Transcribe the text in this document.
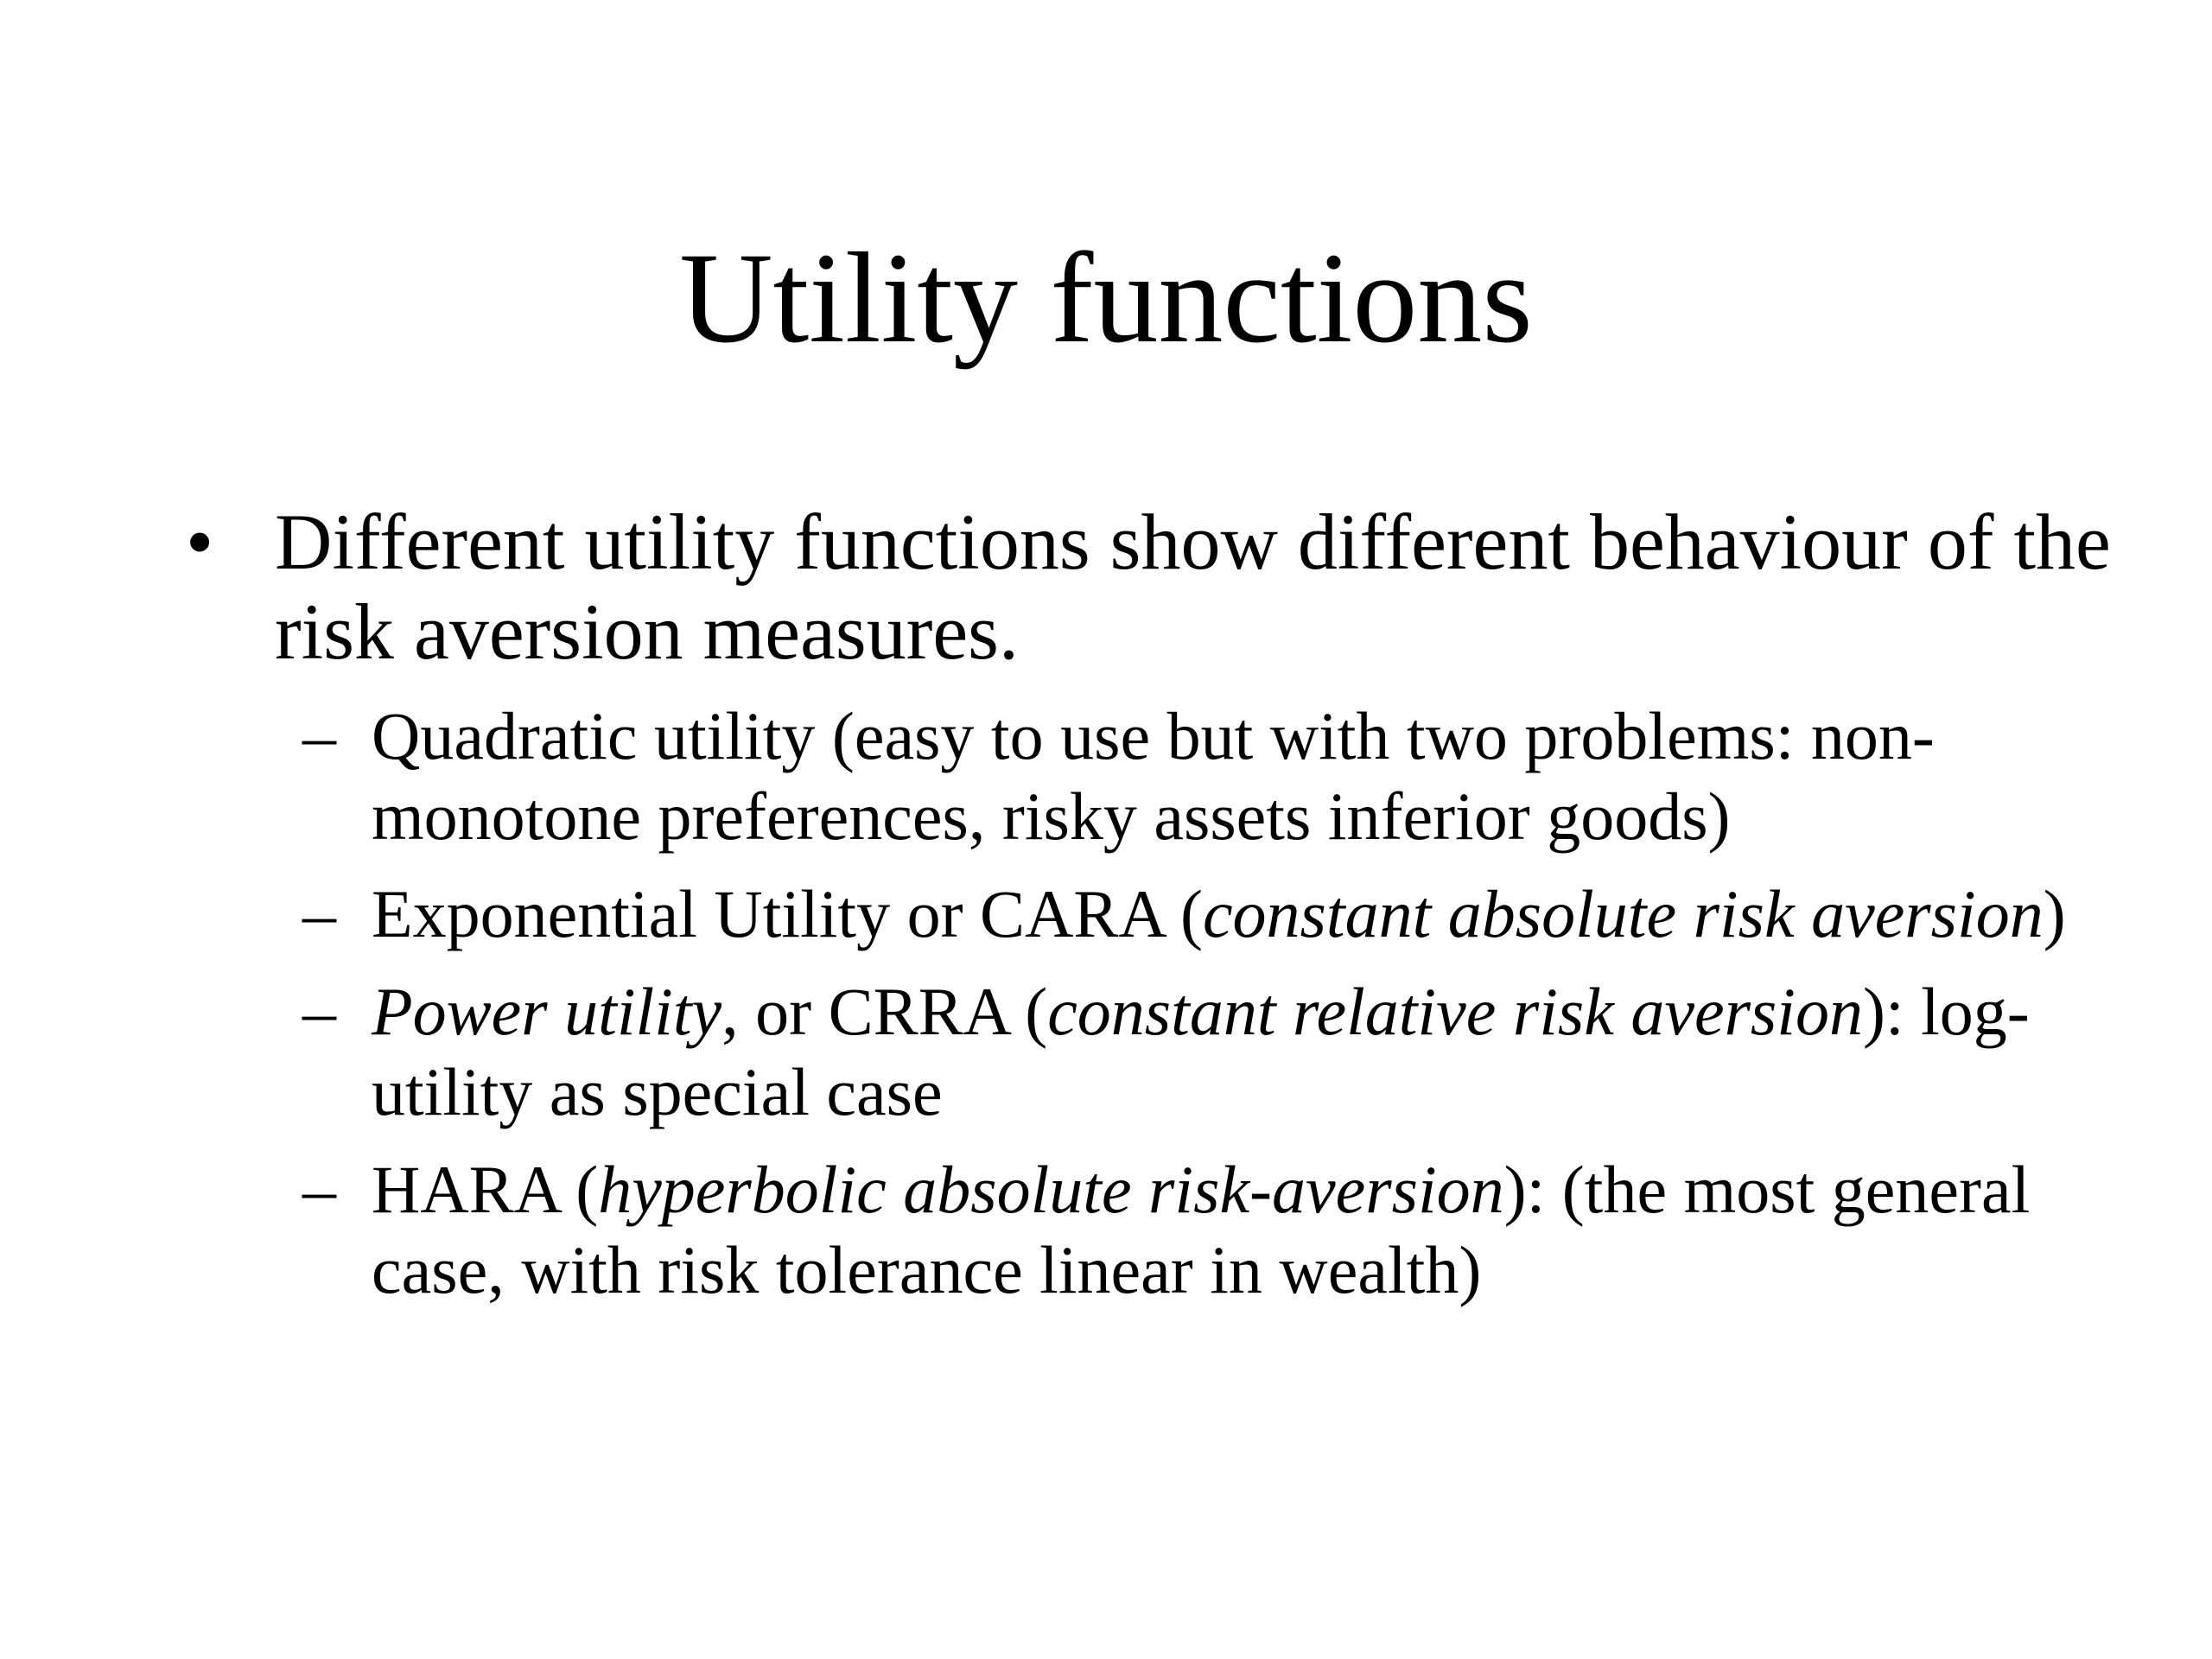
Utility functions
• Different utility functions show different behaviour of the risk aversion measures.
– Quadratic utility (easy to use but with two problems: non-monotone preferences, risky assets inferior goods)
– Exponential Utility or CARA (constant absolute risk aversion)
– Power utility, or CRRA (constant relative risk aversion): log-utility as special case
– HARA (hyperbolic absolute risk-aversion): (the most general case, with risk tolerance linear in wealth)
